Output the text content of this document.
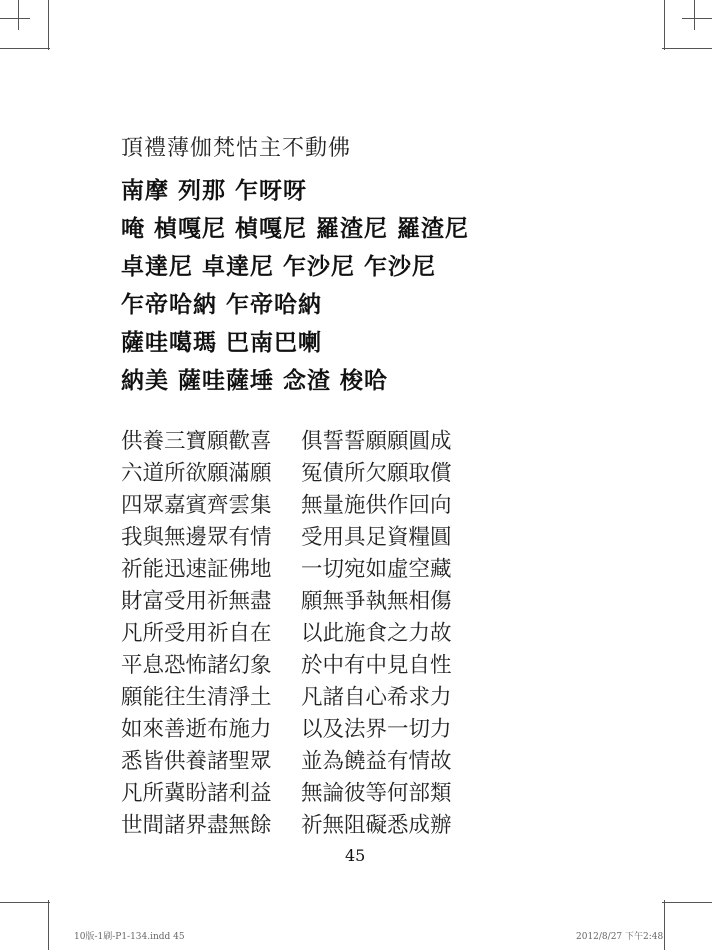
頂禮薄伽梵怙主不動佛
南摩 列那 乍呀呀
唵 楨嘎尼 楨嘎尼 羅渣尼 羅渣尼
卓達尼 卓達尼 乍沙尼 乍沙尼
乍帝哈納 乍帝哈納
薩哇噶瑪 巴南巴喇
納美 薩哇薩埵 念渣 梭哈
供養三寶願歡喜 俱誓誓願願圓成
六道所欲願滿願 冤債所欠願取償
四眾嘉賓齊雲集 無量施供作回向
我與無邊眾有情 受用具足資糧圓
祈能迅速証佛地 一切宛如虛空藏
財富受用祈無盡 願無爭執無相傷
凡所受用祈自在 以此施食之力故
平息恐怖諸幻象 於中有中見自性
願能往生清淨土 凡諸自心希求力
如來善逝布施力 以及法界一切力
悉皆供養諸聖眾 並為饒益有情故
凡所冀盼諸利益 無論彼等何部類
世間諸界盡無餘 祈無阻礙悉成辦
45
10版-1刷-P1-134.indd 45	2012/8/27 下午2:48
